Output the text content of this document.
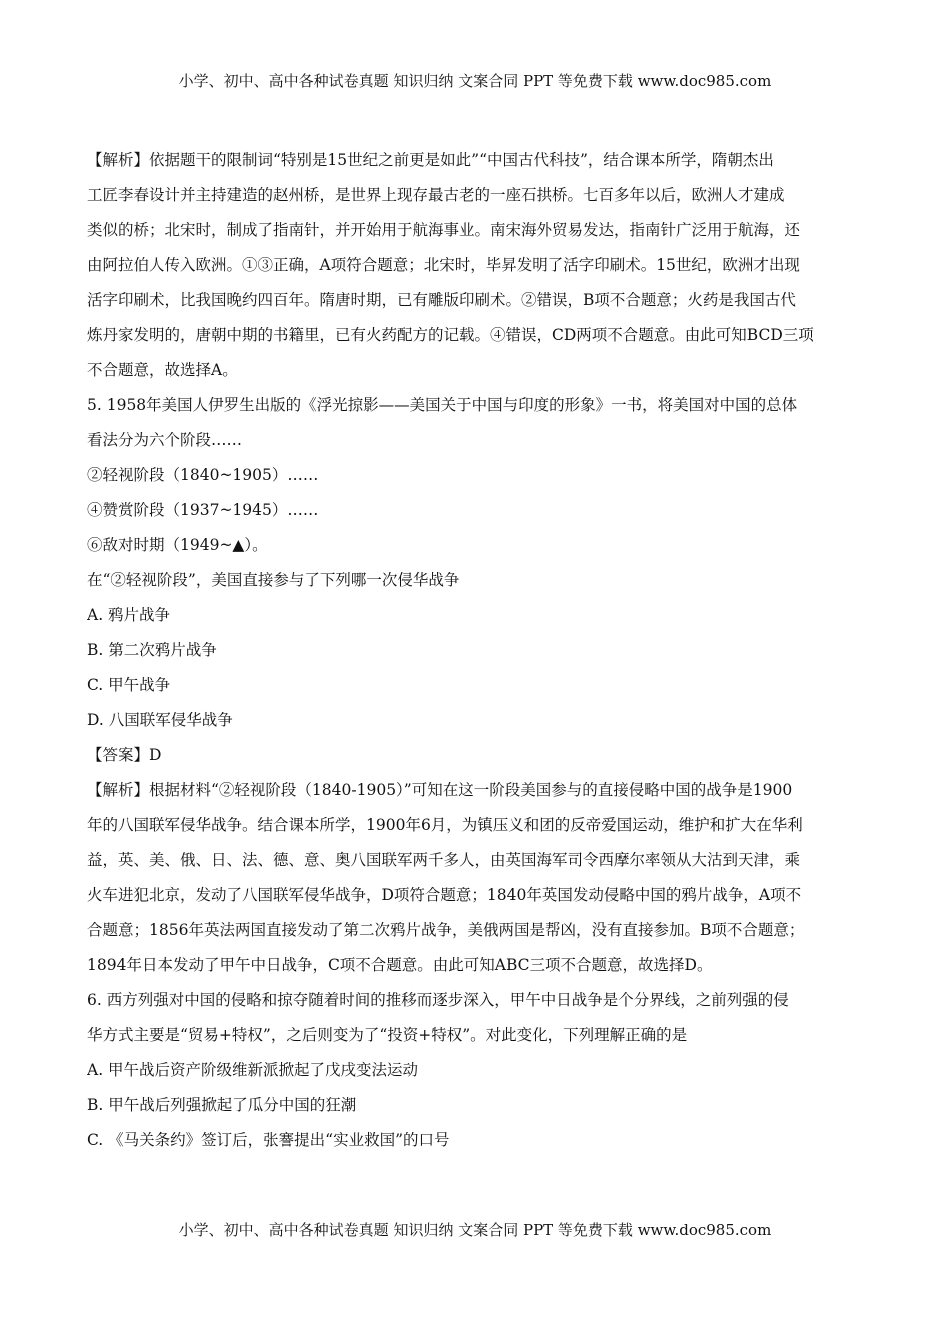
小学、初中、高中各种试卷真题 知识归纳 文案合同 PPT 等免费下载 www.doc985.com
【解析】依据题干的限制词“特别是15世纪之前更是如此”“中国古代科技”，结合课本所学，隋朝杰出
工匠李春设计并主持建造的赵州桥，是世界上现存最古老的一座石拱桥。七百多年以后，欧洲人才建成
类似的桥；北宋时，制成了指南针，并开始用于航海事业。南宋海外贸易发达，指南针广泛用于航海，还
由阿拉伯人传入欧洲。①③正确，A项符合题意；北宋时，毕昇发明了活字印刷术。15世纪，欧洲才出现
活字印刷术，比我国晚约四百年。隋唐时期，已有雕版印刷术。②错误，B项不合题意；火药是我国古代
炼丹家发明的，唐朝中期的书籍里，已有火药配方的记载。④错误，CD两项不合题意。由此可知BCD三项
不合题意，故选择A。
5. 1958年美国人伊罗生出版的《浮光掠影——美国关于中国与印度的形象》一书，将美国对中国的总体
看法分为六个阶段……
②轻视阶段（1840~1905）……
④赞赏阶段（1937~1945）……
⑥敌对时期（1949~▲）。
在“②轻视阶段”，美国直接参与了下列哪一次侵华战争
A. 鸦片战争
B. 第二次鸦片战争
C. 甲午战争
D. 八国联军侵华战争
【答案】D
【解析】根据材料“②轻视阶段（1840-1905）”可知在这一阶段美国参与的直接侵略中国的战争是1900
年的八国联军侵华战争。结合课本所学，1900年6月，为镇压义和团的反帝爱国运动，维护和扩大在华利
益，英、美、俄、日、法、德、意、奥八国联军两千多人，由英国海军司令西摩尔率领从大沽到天津，乘
火车进犯北京，发动了八国联军侵华战争，D项符合题意；1840年英国发动侵略中国的鸦片战争，A项不
合题意；1856年英法两国直接发动了第二次鸦片战争，美俄两国是帮凶，没有直接参加。B项不合题意；
1894年日本发动了甲午中日战争，C项不合题意。由此可知ABC三项不合题意，故选择D。
6. 西方列强对中国的侵略和掠夺随着时间的推移而逐步深入，甲午中日战争是个分界线，之前列强的侵
华方式主要是“贸易+特权”，之后则变为了“投资+特权”。对此变化，下列理解正确的是
A. 甲午战后资产阶级维新派掀起了戊戌变法运动
B. 甲午战后列强掀起了瓜分中国的狂潮
C. 《马关条约》签订后，张謇提出“实业救国”的口号
小学、初中、高中各种试卷真题 知识归纳 文案合同 PPT 等免费下载 www.doc985.com
